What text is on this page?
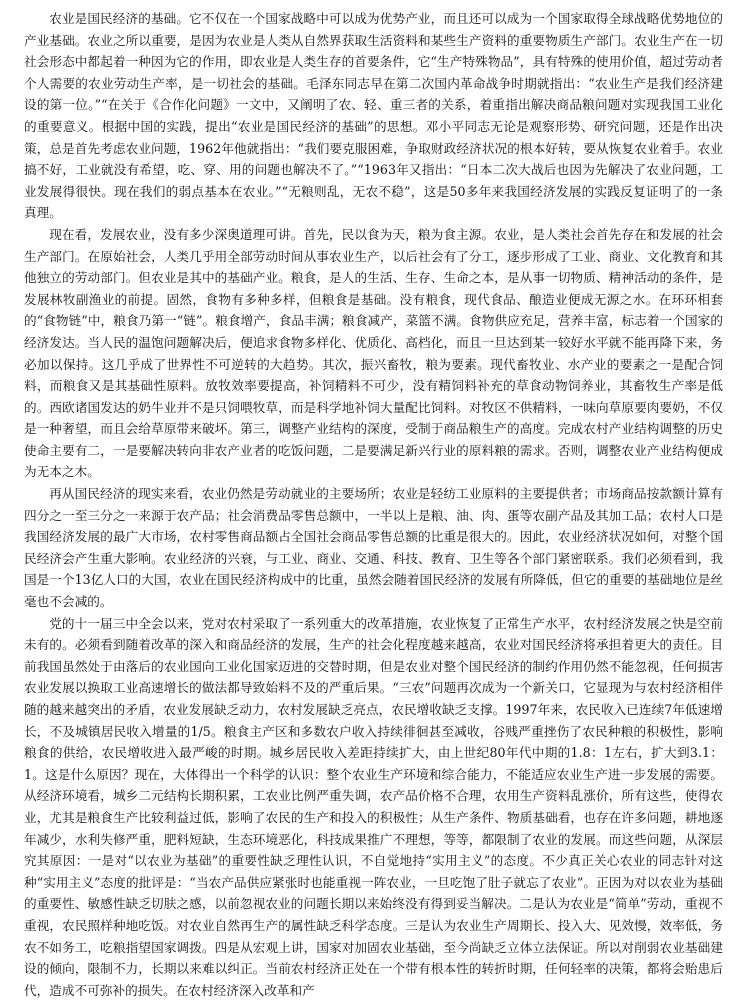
农业是国民经济的基础。它不仅在一个国家战略中可以成为优势产业，而且还可以成为一个国家取得全球战略优势地位的产业基础。农业之所以重要，是因为农业是人类从自然界获取生活资料和某些生产资料的重要物质生产部门。农业生产在一切社会形态中都起着一种因为它的作用，即农业是人类生存的首要条件，它“生产特殊物品”，具有特殊的使用价值，超过劳动者个人需要的农业劳动生产率，是一切社会的基础。毛泽东同志早在第二次国内革命战争时期就指出：“农业生产是我们经济建设的第一位。”“在关于《合作化问题》一文中，又阐明了农、轻、重三者的关系，着重指出解决商品粮问题对实现我国工业化的重要意义。根据中国的实践，提出“农业是国民经济的基础”的思想。邓小平同志无论是观察形势、研究问题，还是作出决策，总是首先考虑农业问题，1962年他就指出：“我们要克服困难，争取财政经济状况的根本好转，要从恢复农业着手。农业搞不好，工业就没有希望，吃、穿、用的问题也解决不了。”“1963年又指出：“日本二次大战后也因为先解决了农业问题，工业发展得很快。现在我们的弱点基本在农业。”“无粮则乱，无农不稳”，这是50多年来我国经济发展的实践反复证明了的一条真理。

现在看，发展农业，没有多少深奥道理可讲。首先，民以食为天，粮为食主源。农业，是人类社会首先存在和发展的社会生产部门。在原始社会，人类几乎用全部劳动时间从事农业生产，以后社会有了分工，逐步形成了工业、商业、文化教育和其他独立的劳动部门。但农业是其中的基础产业。粮食，是人的生活、生存、生命之本，是从事一切物质、精神活动的条件，是发展林牧副渔业的前提。固然，食物有多种多样，但粮食是基础。没有粮食，现代食品、酿造业便成无源之水。在环环相套的“食物链”中，粮食乃第一“链”。粮食增产，食品丰满；粮食减产，菜篮不满。食物供应充足，营养丰富，标志着一个国家的经济发达。当人民的温饱问题解决后，便追求食物多样化、优质化、高档化，而且一旦达到某一较好水平就不能再降下来，务必加以保持。这几乎成了世界性不可逆转的大趋势。其次，振兴畜牧，粮为要素。现代畜牧业、水产业的要素之一是配合饲料，而粮食又是其基础性原料。放牧效率要提高，补饲精料不可少，没有精饲料补充的草食动物饲养业，其畜牧生产率是低的。西欧诸国发达的奶牛业并不是只饲喂牧草，而是科学地补饲大量配比饲料。对牧区不供精料，一味向草原要肉要奶，不仅是一种奢望，而且会给草原带来破坏。第三，调整产业结构的深度，受制于商品粮生产的高度。完成农村产业结构调整的历史使命主要有二，一是要解决转向非农产业者的吃饭问题，二是要满足新兴行业的原料粮的需求。否则，调整农业产业结构便成为无本之木。

再从国民经济的现实来看，农业仍然是劳动就业的主要场所；农业是轻纺工业原料的主要提供者；市场商品按款额计算有四分之一至三分之一来源于农产品；社会消费品零售总额中，一半以上是粮、油、肉、蛋等农副产品及其加工品；农村人口是我国经济发展的最广大市场，农村零售商品额占全国社会商品零售总额的比重是很大的。因此，农业经济状况如何，对整个国民经济会产生重大影响。农业经济的兴衰，与工业、商业、交通、科技、教育、卫生等各个部门紧密联系。我们必须看到，我国是一个13亿人口的大国，农业在国民经济构成中的比重，虽然会随着国民经济的发展有所降低，但它的重要的基础地位是丝毫也不会减的。

党的十一届三中全会以来，党对农村采取了一系列重大的改革措施，农业恢复了正常生产水平，农村经济发展之快是空前未有的。必须看到随着改革的深入和商品经济的发展，生产的社会化程度越来越高，农业对国民经济将承担着更大的责任。目前我国虽然处于由落后的农业国向工业化国家迈进的交替时期，但是农业对整个国民经济的制约作用仍然不能忽视，任何损害农业发展以换取工业高速增长的做法都导致始料不及的严重后果。“三农”问题再次成为一个新关口，它显现为与农村经济相伴随的越来越突出的矛盾，农业发展缺乏动力，农村发展缺乏亮点，农民增收缺乏支撑。1997年来，农民收入已连续7年低速增长，不及城镇居民收入增量的1/5。粮食主产区和多数农户收入持续徘徊甚至减收，谷贱严重挫伤了农民种粮的积极性，影响粮食的供给，农民增收进入最严峻的时期。城乡居民收入差距持续扩大，由上世纪80年代中期的1.8：1左右，扩大到3.1：1。这是什么原因？现在，大体得出一个科学的认识：整个农业生产环境和综合能力，不能适应农业生产进一步发展的需要。从经济环境看，城乡二元结构长期积累，工农业比例严重失调，农产品价格不合理，农用生产资料乱涨价，所有这些，使得农业，尤其是粮食生产比较利益过低，影响了农民的生产和投入的积极性；从生产条件、物质基础看，也存在许多问题，耕地逐年减少，水利失修严重，肥料短缺，生态环境恶化，科技成果推广不理想，等等，都限制了农业的发展。而这些问题，从深层究其原因：一是对“以农业为基础”的重要性缺乏理性认识，不自觉地持“实用主义”的态度。不少真正关心农业的同志针对这种“实用主义”态度的批评是：“当农产品供应紧张时也能重视一阵农业，一旦吃饱了肚子就忘了农业”。正因为对以农业为基础的重要性、敏感性缺乏切肤之感，以前忽视农业的问题长期以来始终没有得到妥当解决。二是认为农业是“简单”劳动，重视不重视，农民照样种地吃饭。对农业自然再生产的属性缺乏科学态度。三是认为农业生产周期长、投入大、见效慢，效率低，务农不如务工，吃粮指望国家调拨。四是从宏观上讲，国家对加固农业基础，至今尚缺乏立体立法保证。所以对削弱农业基础建设的倾向，限制不力，长期以来难以纠正。当前农村经济正处在一个带有根本性的转折时期，任何轻率的决策，都将会贻患后代，造成不可弥补的损失。在农村经济深入改革和产
